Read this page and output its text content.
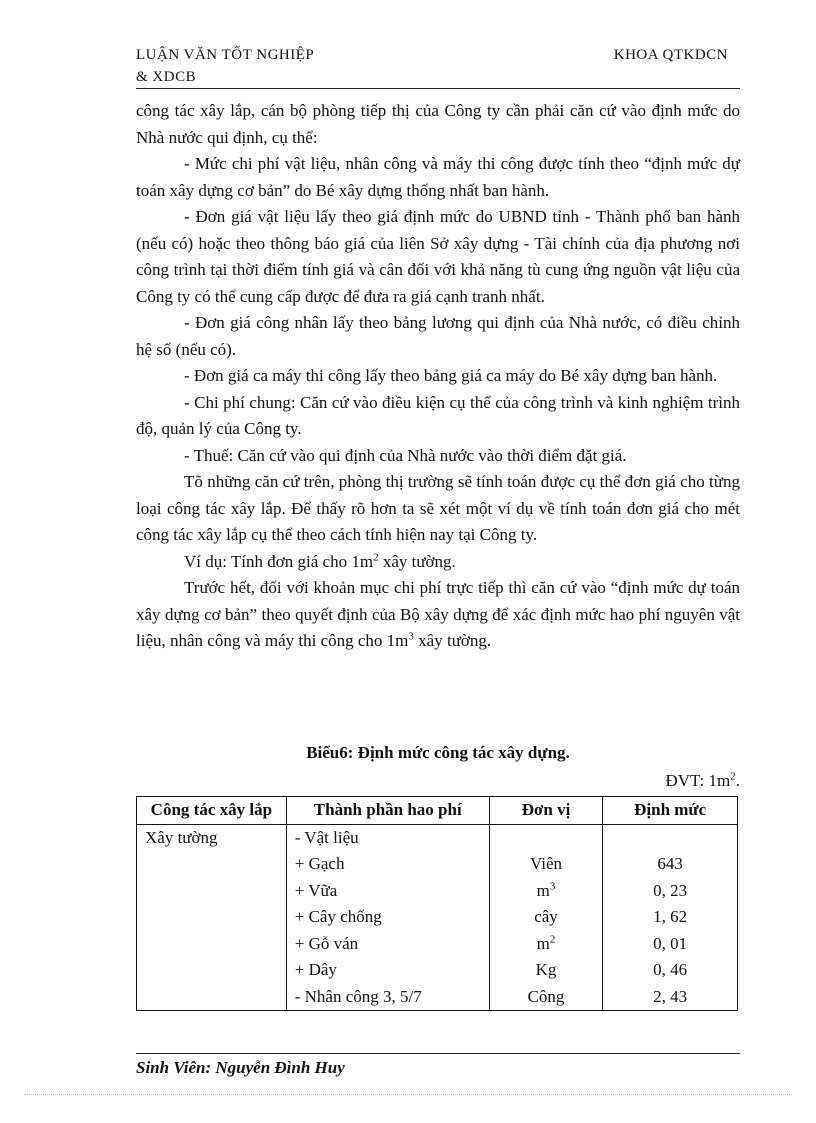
LUẬN VĂN TỐT NGHIỆP
& XDCB
KHOA QTKDCN

công tác xây lắp, cán bộ phòng tiếp thị của Công ty cần phải căn cứ vào định mức do Nhà nước qui định, cụ thể:

- Mức chi phí vật liệu, nhân công và máy thi công được tính theo “định mức dự toán xây dựng cơ bản” do Bé xây dựng thống nhất ban hành.

- Đơn giá vật liệu lấy theo giá định mức do UBND tỉnh - Thành phố ban hành (nếu có) hoặc theo thông báo giá của liên Sở xây dựng - Tài chính của địa phương nơi công trình tại thời điểm tính giá và cân đối với khả năng tù cung ứng nguồn vật liệu của Công ty có thể cung cấp được để đưa ra giá cạnh tranh nhất.

- Đơn giá công nhân lấy theo bảng lương qui định của Nhà nước, có điều chỉnh hệ số (nếu có).

- Đơn giá ca máy thi công lấy theo bảng giá ca máy do Bé xây dựng ban hành.

- Chi phí chung: Căn cứ vào điều kiện cụ thể của công trình và kinh nghiệm trình độ, quản lý của Công ty.

- Thuế: Căn cứ vào qui định của Nhà nước vào thời điểm đặt giá.

Tõ những căn cứ trên, phòng thị trường sẽ tính toán được cụ thể đơn giá cho từng loại công tác xây lắp. Để thấy rõ hơn ta sẽ xét một ví dụ về tính toán đơn giá cho mét công tác xây lắp cụ thể theo cách tính hiện nay tại Công ty.

Ví dụ: Tính đơn giá cho $1m^2$ xây tường.

Trước hết, đối với khoản mục chi phí trực tiếp thì căn cứ vào “định mức dự toán xây dựng cơ bản” theo quyết định của Bộ xây dựng để xác định mức hao phí nguyên vật liệu, nhân công và máy thi công cho $1m^3$ xây tường.

Biểu6: Định mức công tác xây dựng.
ĐVT: $1m^2$.
Công tác xây lắp	Thành phần hao phí	Đơn vị	Định mức
Xây tường	- Vật liệu		
	+ Gạch	Viên	643
	+ Vữa	$m^3$	0, 23
	+ Cây chống	cây	1, 62
	+ Gỗ ván	$m^2$	0, 01
	+ Dây	Kg	0, 46
	- Nhân công 3, 5/7	Công	2, 43
Sinh Viên: Nguyễn Đình Huy
